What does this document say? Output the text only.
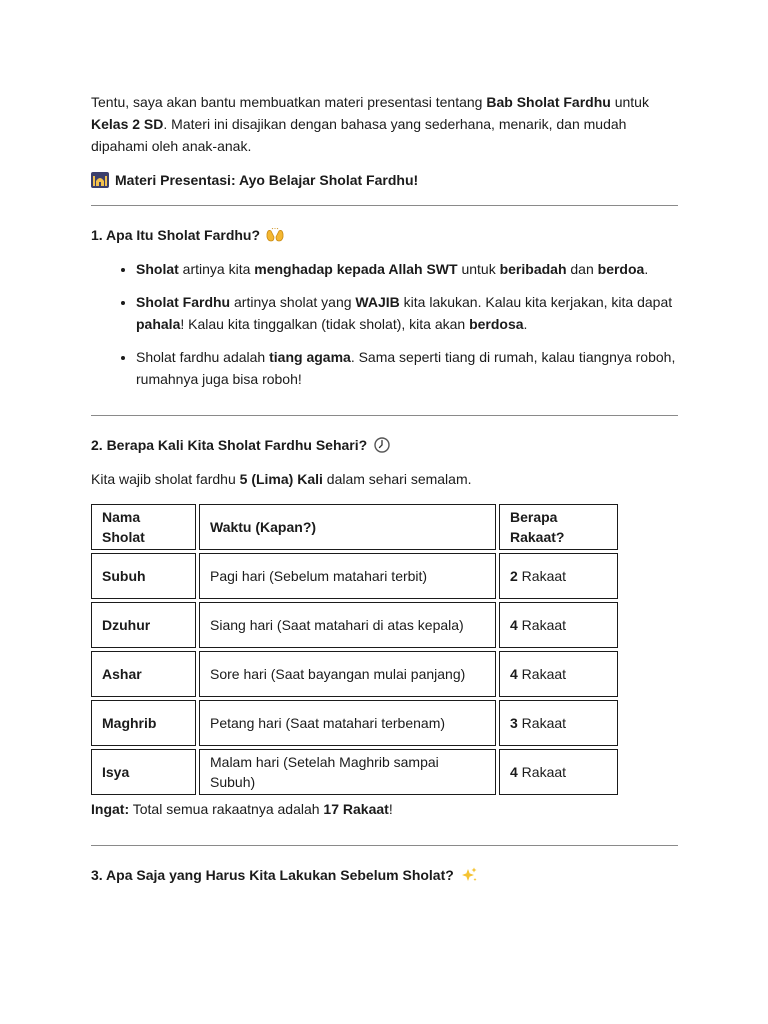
Tentu, saya akan bantu membuatkan materi presentasi tentang Bab Sholat Fardhu untuk Kelas 2 SD. Materi ini disajikan dengan bahasa yang sederhana, menarik, dan mudah dipahami oleh anak-anak.

Materi Presentasi: Ayo Belajar Sholat Fardhu!

1. Apa Itu Sholat Fardhu?

• Sholat artinya kita menghadap kepada Allah SWT untuk beribadah dan berdoa.
• Sholat Fardhu artinya sholat yang WAJIB kita lakukan. Kalau kita kerjakan, kita dapat pahala! Kalau kita tinggalkan (tidak sholat), kita akan berdosa.
• Sholat fardhu adalah tiang agama. Sama seperti tiang di rumah, kalau tiangnya roboh, rumahnya juga bisa roboh!

2. Berapa Kali Kita Sholat Fardhu Sehari?

Kita wajib sholat fardhu 5 (Lima) Kali dalam sehari semalam.

Nama Sholat	Waktu (Kapan?)	Berapa Rakaat?
Subuh	Pagi hari (Sebelum matahari terbit)	2 Rakaat
Dzuhur	Siang hari (Saat matahari di atas kepala)	4 Rakaat
Ashar	Sore hari (Saat bayangan mulai panjang)	4 Rakaat
Maghrib	Petang hari (Saat matahari terbenam)	3 Rakaat
Isya	Malam hari (Setelah Maghrib sampai Subuh)	4 Rakaat

Ingat: Total semua rakaatnya adalah 17 Rakaat!

3. Apa Saja yang Harus Kita Lakukan Sebelum Sholat?
